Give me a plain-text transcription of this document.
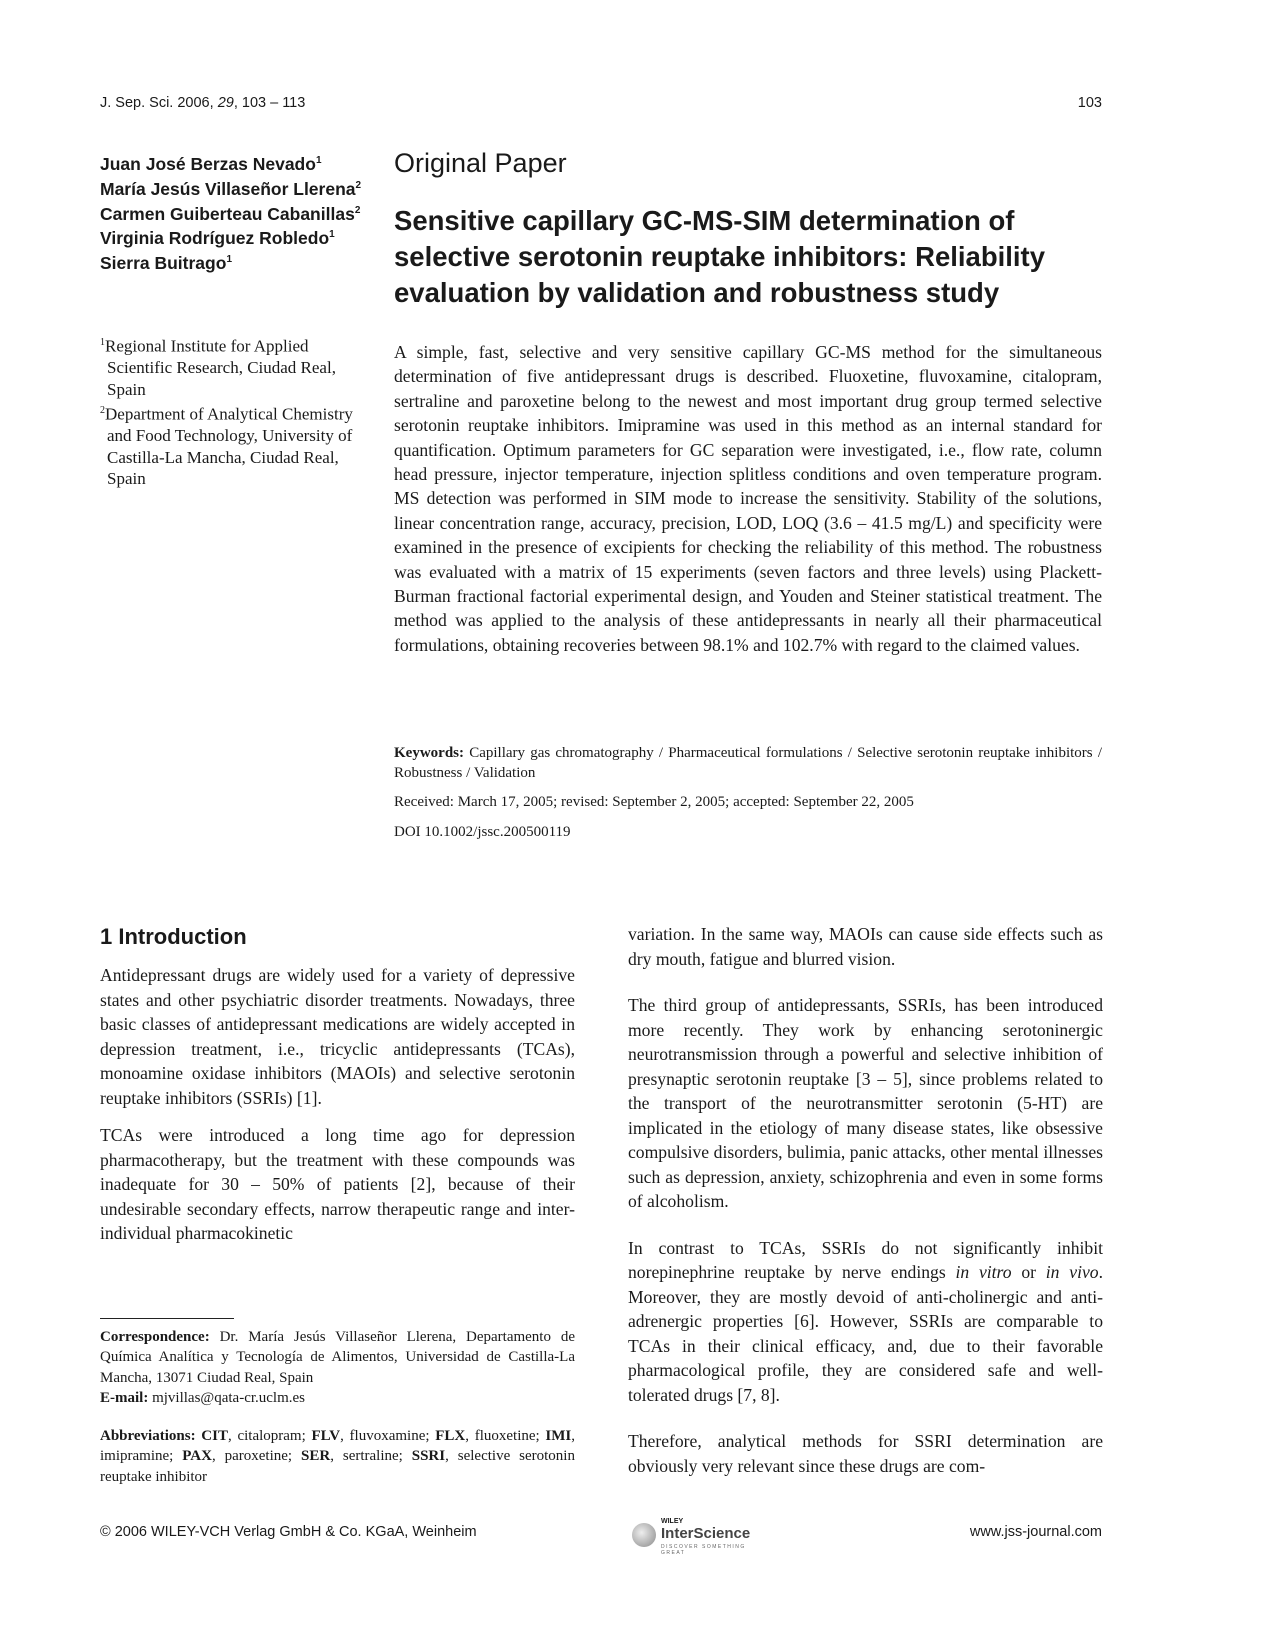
J. Sep. Sci. 2006, 29, 103 – 113	103
Juan José Berzas Nevado$^1$
María Jesús Villaseñor Llerena$^2$
Carmen Guiberteau Cabanillas$^2$
Virginia Rodríguez Robledo$^1$
Sierra Buitrago$^1$
$^1$Regional Institute for Applied Scientific Research, Ciudad Real, Spain
$^2$Department of Analytical Chemistry and Food Technology, University of Castilla-La Mancha, Ciudad Real, Spain
Original Paper
Sensitive capillary GC-MS-SIM determination of selective serotonin reuptake inhibitors: Reliability evaluation by validation and robustness study

A simple, fast, selective and very sensitive capillary GC-MS method for the simultaneous determination of five antidepressant drugs is described. Fluoxetine, fluvoxamine, citalopram, sertraline and paroxetine belong to the newest and most important drug group termed selective serotonin reuptake inhibitors. Imipramine was used in this method as an internal standard for quantification. Optimum parameters for GC separation were investigated, i.e., flow rate, column head pressure, injector temperature, injection splitless conditions and oven temperature program. MS detection was performed in SIM mode to increase the sensitivity. Stability of the solutions, linear concentration range, accuracy, precision, LOD, LOQ (3.6 – 41.5 mg/L) and specificity were examined in the presence of excipients for checking the reliability of this method. The robustness was evaluated with a matrix of 15 experiments (seven factors and three levels) using Plackett-Burman fractional factorial experimental design, and Youden and Steiner statistical treatment. The method was applied to the analysis of these antidepressants in nearly all their pharmaceutical formulations, obtaining recoveries between 98.1% and 102.7% with regard to the claimed values.

Keywords: Capillary gas chromatography / Pharmaceutical formulations / Selective serotonin reuptake inhibitors / Robustness / Validation
Received: March 17, 2005; revised: September 2, 2005; accepted: September 22, 2005
DOI 10.1002/jssc.200500119
1 Introduction

Antidepressant drugs are widely used for a variety of depressive states and other psychiatric disorder treatments. Nowadays, three basic classes of antidepressant medications are widely accepted in depression treatment, i.e., tricyclic antidepressants (TCAs), monoamine oxidase inhibitors (MAOIs) and selective serotonin reuptake inhibitors (SSRIs) [1].

TCAs were introduced a long time ago for depression pharmacotherapy, but the treatment with these compounds was inadequate for 30 – 50% of patients [2], because of their undesirable secondary effects, narrow therapeutic range and inter-individual pharmacokinetic

variation. In the same way, MAOIs can cause side effects such as dry mouth, fatigue and blurred vision.

The third group of antidepressants, SSRIs, has been introduced more recently. They work by enhancing serotoninergic neurotransmission through a powerful and selective inhibition of presynaptic serotonin reuptake [3 – 5], since problems related to the transport of the neurotransmitter serotonin (5-HT) are implicated in the etiology of many disease states, like obsessive compulsive disorders, bulimia, panic attacks, other mental illnesses such as depression, anxiety, schizophrenia and even in some forms of alcoholism.

In contrast to TCAs, SSRIs do not significantly inhibit norepinephrine reuptake by nerve endings in vitro or in vivo. Moreover, they are mostly devoid of anti-cholinergic and anti-adrenergic properties [6]. However, SSRIs are comparable to TCAs in their clinical efficacy, and, due to their favorable pharmacological profile, they are considered safe and well-tolerated drugs [7, 8].

Therefore, analytical methods for SSRI determination are obviously very relevant since these drugs are com-

Correspondence: Dr. María Jesús Villaseñor Llerena, Departamento de Química Analítica y Tecnología de Alimentos, Universidad de Castilla-La Mancha, 13071 Ciudad Real, Spain
E-mail: mjvillas@qata-cr.uclm.es

Abbreviations: CIT, citalopram; FLV, fluvoxamine; FLX, fluoxetine; IMI, imipramine; PAX, paroxetine; SER, sertraline; SSRI, selective serotonin reuptake inhibitor

© 2006 WILEY-VCH Verlag GmbH & Co. KGaA, Weinheim
WILEY
InterScience
DISCOVER SOMETHING GREAT
www.jss-journal.com
